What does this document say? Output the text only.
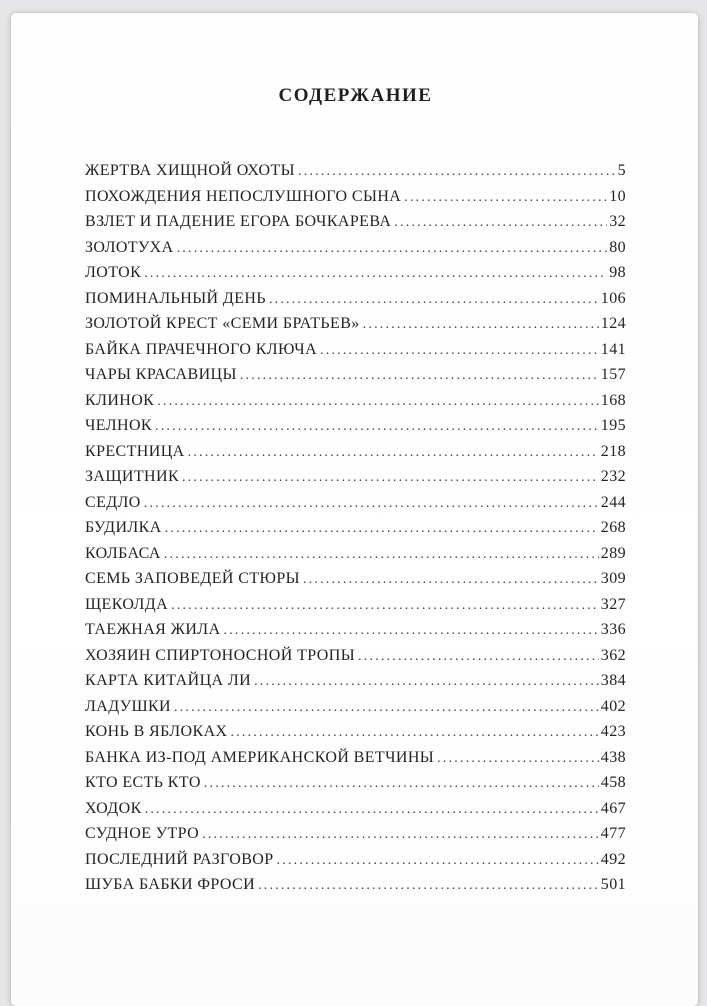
СОДЕРЖАНИЕ
ЖЕРТВА ХИЩНОЙ ОХОТЫ .....	5
ПОХОЖДЕНИЯ НЕПОСЛУШНОГО СЫНА .....	10
ВЗЛЕТ И ПАДЕНИЕ ЕГОРА БОЧКАРЕВА .....	32
ЗОЛОТУХА .....	80
ЛОТОК .....	98
ПОМИНАЛЬНЫЙ ДЕНЬ .....	106
ЗОЛОТОЙ КРЕСТ «СЕМИ БРАТЬЕВ» .....	124
БАЙКА ПРАЧЕЧНОГО КЛЮЧА .....	141
ЧАРЫ КРАСАВИЦЫ .....	157
КЛИНОК .....	168
ЧЕЛНОК .....	195
КРЕСТНИЦА .....	218
ЗАЩИТНИК .....	232
СЕДЛО .....	244
БУДИЛКА .....	268
КОЛБАСА .....	289
СЕМЬ ЗАПОВЕДЕЙ СТЮРЫ .....	309
ЩЕКОЛДА .....	327
ТАЕЖНАЯ ЖИЛА .....	336
ХОЗЯИН СПИРТОНОСНОЙ ТРОПЫ .....	362
КАРТА КИТАЙЦА ЛИ .....	384
ЛАДУШКИ .....	402
КОНЬ В ЯБЛОКАХ .....	423
БАНКА ИЗ-ПОД АМЕРИКАНСКОЙ ВЕТЧИНЫ .....	438
КТО ЕСТЬ КТО .....	458
ХОДОК .....	467
СУДНОЕ УТРО .....	477
ПОСЛЕДНИЙ РАЗГОВОР .....	492
ШУБА БАБКИ ФРОСИ .....	501
